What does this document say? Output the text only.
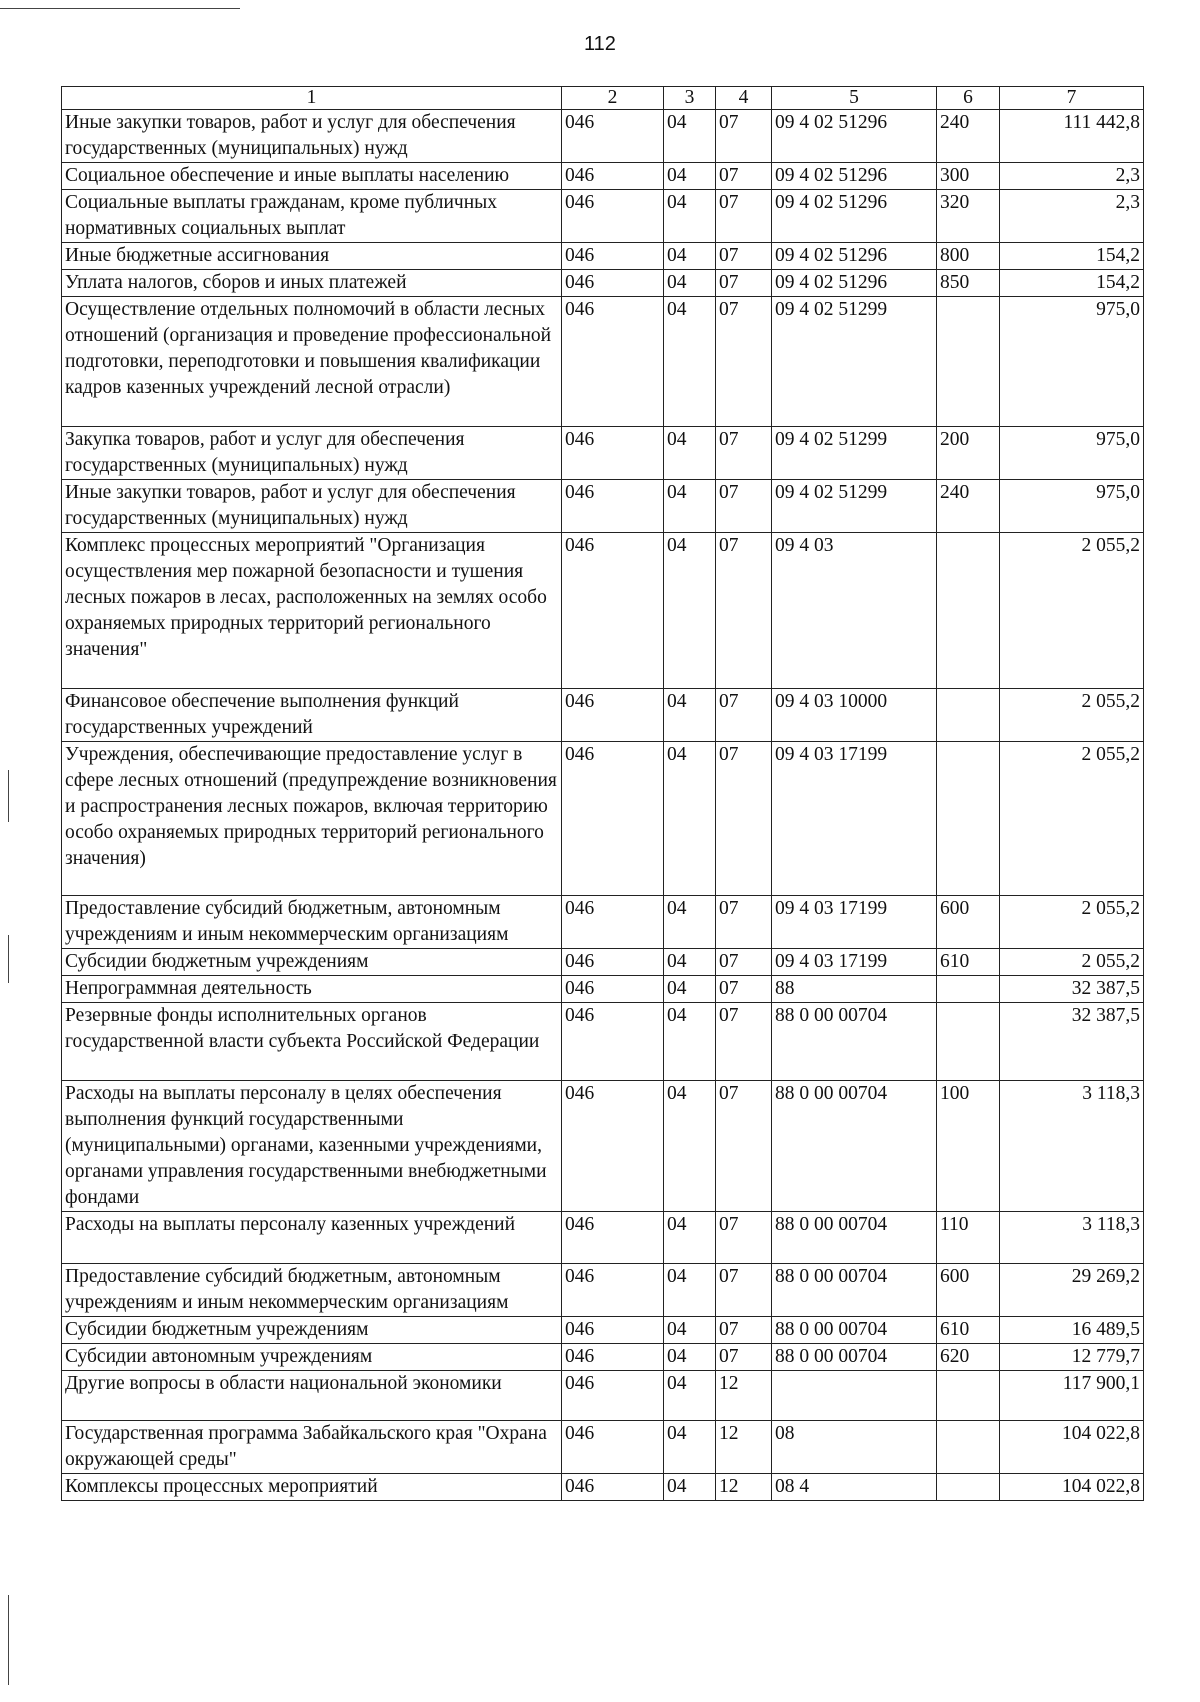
112
1	2	3	4	5	6	7
Иные закупки товаров, работ и услуг для обеспечения государственных (муниципальных) нужд	046	04	07	09 4 02 51296	240	111 442,8
Социальное обеспечение и иные выплаты населению	046	04	07	09 4 02 51296	300	2,3
Социальные выплаты гражданам, кроме публичных нормативных социальных выплат	046	04	07	09 4 02 51296	320	2,3
Иные бюджетные ассигнования	046	04	07	09 4 02 51296	800	154,2
Уплата налогов, сборов и иных платежей	046	04	07	09 4 02 51296	850	154,2
Осуществление отдельных полномочий в области лесных отношений (организация и проведение профессиональной подготовки, переподготовки и повышения квалификации кадров казенных учреждений лесной отрасли)	046	04	07	09 4 02 51299		975,0
Закупка товаров, работ и услуг для обеспечения государственных (муниципальных) нужд	046	04	07	09 4 02 51299	200	975,0
Иные закупки товаров, работ и услуг для обеспечения государственных (муниципальных) нужд	046	04	07	09 4 02 51299	240	975,0
Комплекс процессных мероприятий "Организация осуществления мер пожарной безопасности и тушения лесных пожаров в лесах, расположенных на землях особо охраняемых природных территорий регионального значения"	046	04	07	09 4 03		2 055,2
Финансовое обеспечение выполнения функций государственных учреждений	046	04	07	09 4 03 10000		2 055,2
Учреждения, обеспечивающие предоставление услуг в сфере лесных отношений (предупреждение возникновения и распространения лесных пожаров, включая территорию особо охраняемых природных территорий регионального значения)	046	04	07	09 4 03 17199		2 055,2
Предоставление субсидий бюджетным, автономным учреждениям и иным некоммерческим организациям	046	04	07	09 4 03 17199	600	2 055,2
Субсидии бюджетным учреждениям	046	04	07	09 4 03 17199	610	2 055,2
Непрограммная деятельность	046	04	07	88		32 387,5
Резервные фонды исполнительных органов государственной власти субъекта Российской Федерации	046	04	07	88 0 00 00704		32 387,5
Расходы на выплаты персоналу в целях обеспечения выполнения функций государственными (муниципальными) органами, казенными учреждениями, органами управления государственными внебюджетными фондами	046	04	07	88 0 00 00704	100	3 118,3
Расходы на выплаты персоналу казенных учреждений	046	04	07	88 0 00 00704	110	3 118,3
Предоставление субсидий бюджетным, автономным учреждениям и иным некоммерческим организациям	046	04	07	88 0 00 00704	600	29 269,2
Субсидии бюджетным учреждениям	046	04	07	88 0 00 00704	610	16 489,5
Субсидии автономным учреждениям	046	04	07	88 0 00 00704	620	12 779,7
Другие вопросы в области национальной экономики	046	04	12			117 900,1
Государственная программа Забайкальского края "Охрана окружающей среды"	046	04	12	08		104 022,8
Комплексы процессных мероприятий	046	04	12	08 4		104 022,8
